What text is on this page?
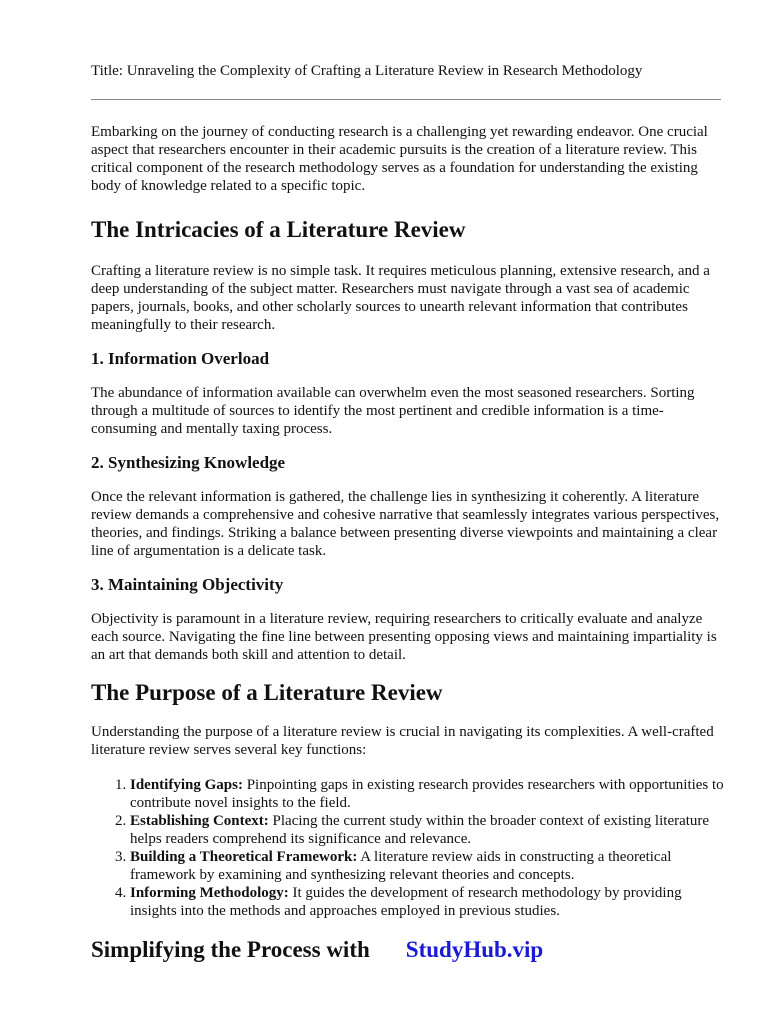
Title: Unraveling the Complexity of Crafting a Literature Review in Research Methodology

Embarking on the journey of conducting research is a challenging yet rewarding endeavor. One crucial aspect that researchers encounter in their academic pursuits is the creation of a literature review. This critical component of the research methodology serves as a foundation for understanding the existing body of knowledge related to a specific topic.

The Intricacies of a Literature Review

Crafting a literature review is no simple task. It requires meticulous planning, extensive research, and a deep understanding of the subject matter. Researchers must navigate through a vast sea of academic papers, journals, books, and other scholarly sources to unearth relevant information that contributes meaningfully to their research.

1. Information Overload

The abundance of information available can overwhelm even the most seasoned researchers. Sorting through a multitude of sources to identify the most pertinent and credible information is a time-consuming and mentally taxing process.

2. Synthesizing Knowledge

Once the relevant information is gathered, the challenge lies in synthesizing it coherently. A literature review demands a comprehensive and cohesive narrative that seamlessly integrates various perspectives, theories, and findings. Striking a balance between presenting diverse viewpoints and maintaining a clear line of argumentation is a delicate task.

3. Maintaining Objectivity

Objectivity is paramount in a literature review, requiring researchers to critically evaluate and analyze each source. Navigating the fine line between presenting opposing views and maintaining impartiality is an art that demands both skill and attention to detail.

The Purpose of a Literature Review

Understanding the purpose of a literature review is crucial in navigating its complexities. A well-crafted literature review serves several key functions:

1. Identifying Gaps: Pinpointing gaps in existing research provides researchers with opportunities to contribute novel insights to the field.
2. Establishing Context: Placing the current study within the broader context of existing literature helps readers comprehend its significance and relevance.
3. Building a Theoretical Framework: A literature review aids in constructing a theoretical framework by examining and synthesizing relevant theories and concepts.
4. Informing Methodology: It guides the development of research methodology by providing insights into the methods and approaches employed in previous studies.
Simplifying the Process with StudyHub.vip
